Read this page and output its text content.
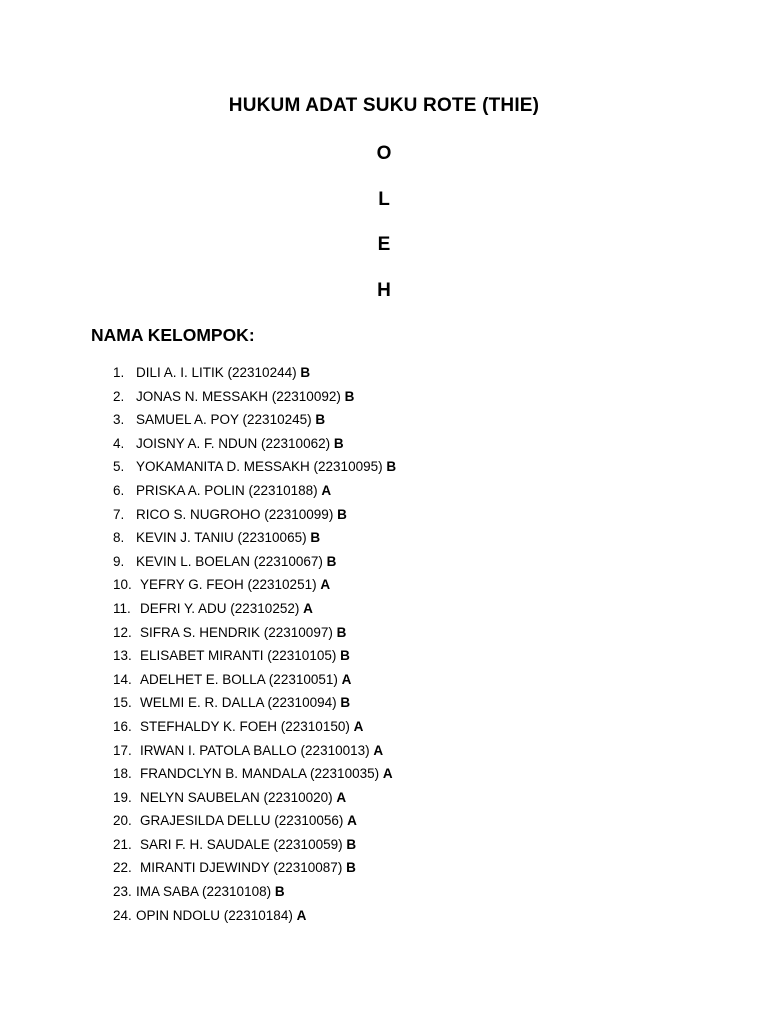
HUKUM ADAT SUKU ROTE (THIE)
O
L
E
H
NAMA KELOMPOK:
1. DILI A. I. LITIK (22310244) B
2. JONAS N. MESSAKH (22310092) B
3. SAMUEL A. POY (22310245) B
4. JOISNY A. F. NDUN (22310062) B
5. YOKAMANITA D. MESSAKH (22310095) B
6. PRISKA A. POLIN (22310188) A
7. RICO S. NUGROHO (22310099) B
8. KEVIN J. TANIU (22310065) B
9. KEVIN L. BOELAN (22310067) B
10. YEFRY G. FEOH (22310251) A
11. DEFRI Y. ADU (22310252) A
12. SIFRA S. HENDRIK (22310097) B
13. ELISABET MIRANTI (22310105) B
14. ADELHET E. BOLLA (22310051) A
15. WELMI E. R. DALLA (22310094) B
16. STEFHALDY K. FOEH (22310150) A
17. IRWAN I. PATOLA BALLO (22310013) A
18. FRANDCLYN B. MANDALA (22310035) A
19. NELYN SAUBELAN (22310020) A
20. GRAJESILDA DELLU (22310056) A
21. SARI F. H. SAUDALE (22310059) B
22. MIRANTI DJEWINDY (22310087) B
23. IMA SABA (22310108) B
24. OPIN NDOLU (22310184) A
